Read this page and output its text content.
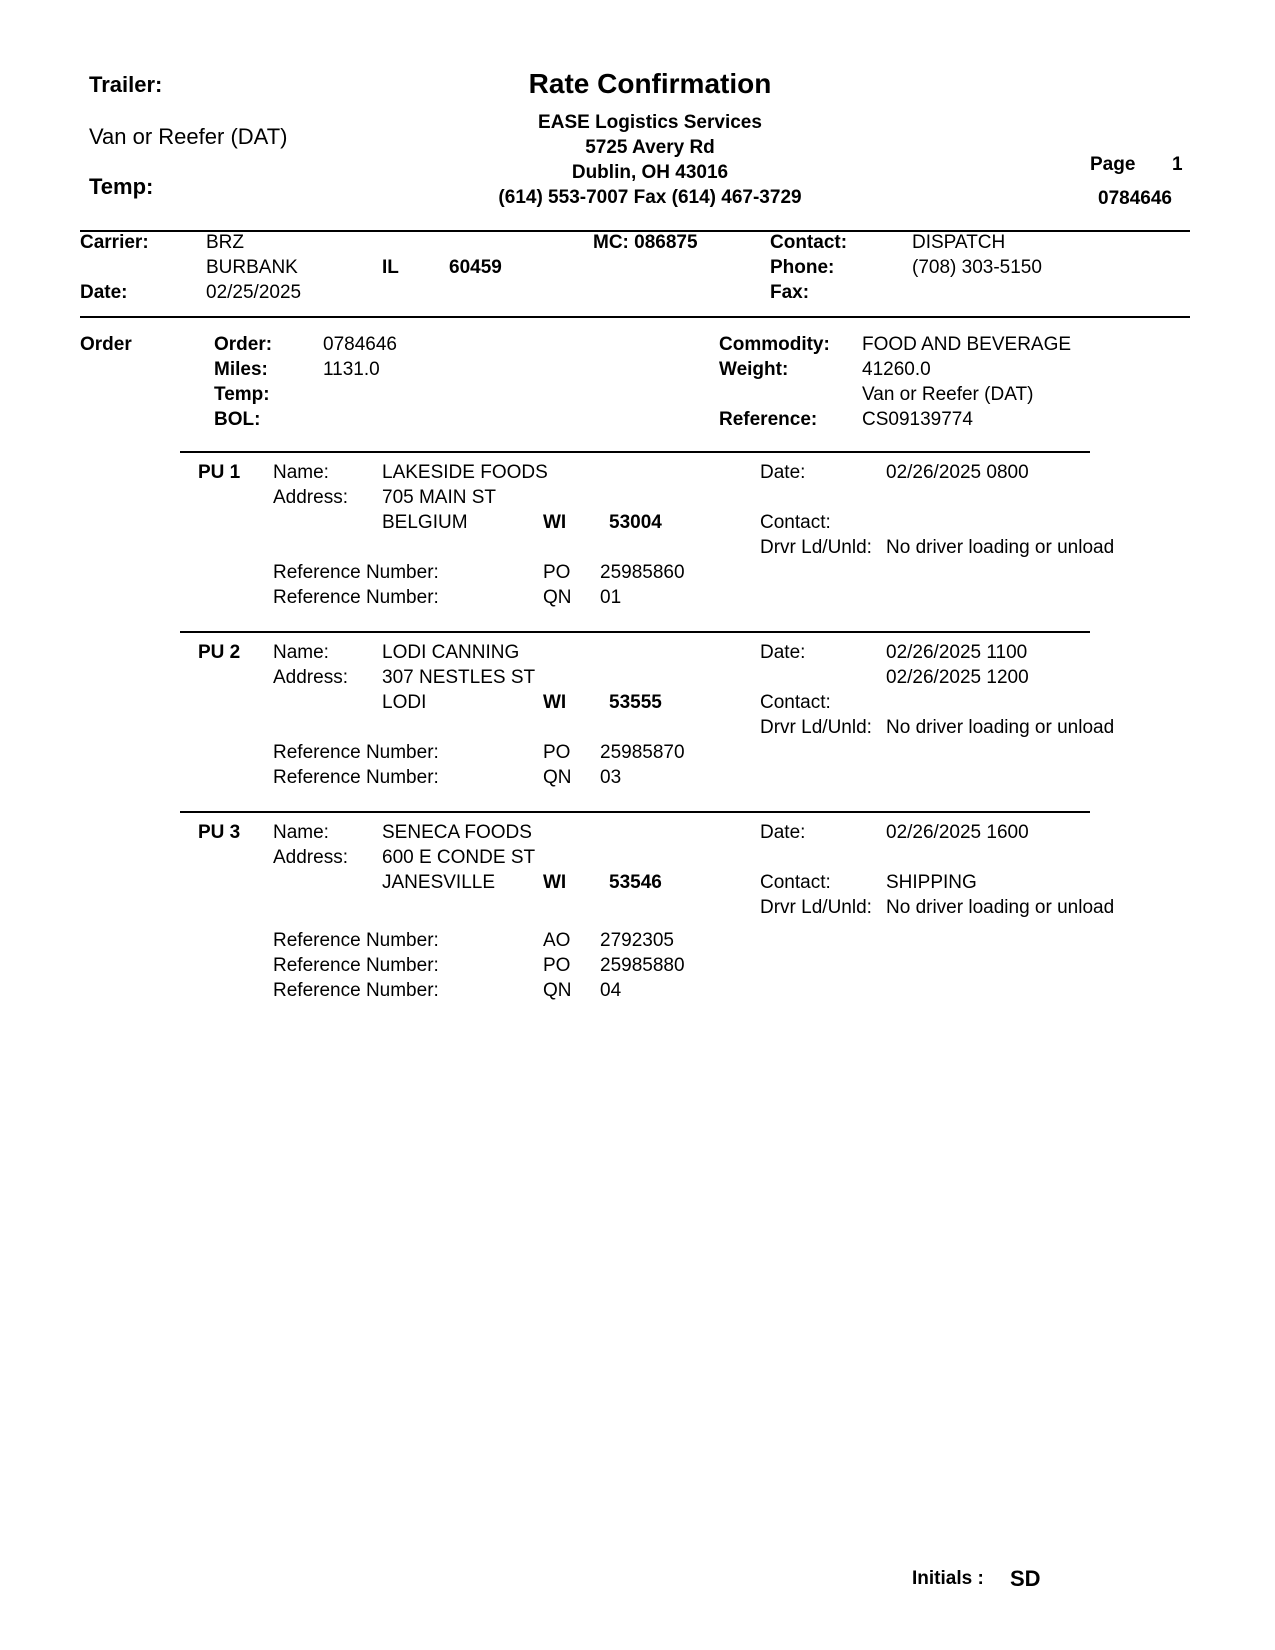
Trailer:
Van or Reefer (DAT)
Temp:
Rate Confirmation
EASE Logistics Services
5725 Avery Rd
Dublin, OH 43016
(614) 553-7007 Fax (614) 467-3729
Page 1
0784646
Carrier:	BRZ
BURBANK	IL	60459
MC: 086875
Date:	02/25/2025
Contact:	DISPATCH
Phone:	(708) 303-5150
Fax:
Order	Order:	0784646
Miles:	1131.0
Temp:
BOL:
Commodity: FOOD AND BEVERAGE
Weight:	41260.0
Van or Reefer (DAT)
Reference: CS09139774
PU 1 Name:	LAKESIDE FOODS
Address: 705 MAIN ST
BELGIUM	WI 53004
Date:	02/26/2025 0800
Contact:
Drvr Ld/Unld: No driver loading or unload
Reference Number:	PO 25985860
Reference Number:	QN 01
PU 2 Name:	LODI CANNING
Address: 307 NESTLES ST
LODI	WI 53555
Date:	02/26/2025 1100
02/26/2025 1200
Contact:
Drvr Ld/Unld: No driver loading or unload
Reference Number:	PO 25985870
Reference Number:	QN 03
PU 3 Name:	SENECA FOODS
Address: 600 E CONDE ST
JANESVILLE	WI 53546
Date:	02/26/2025 1600
Contact:	SHIPPING
Drvr Ld/Unld: No driver loading or unload
Reference Number:	AO 2792305
Reference Number:	PO 25985880
Reference Number:	QN 04
Initials : SD
